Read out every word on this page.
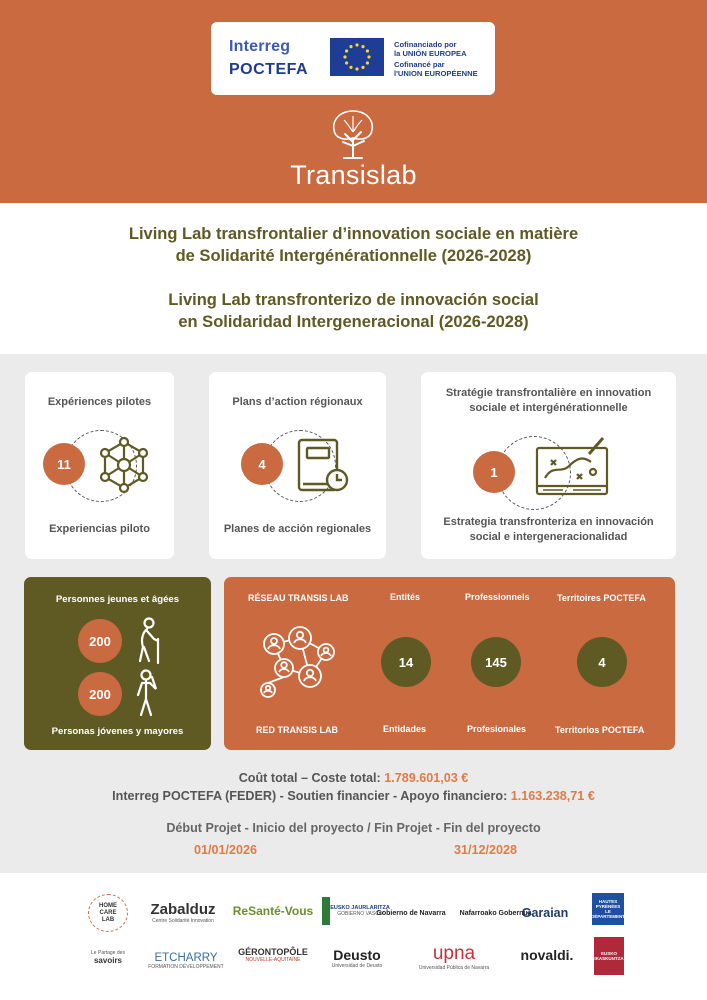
Interreg
POCTEFA
Cofinanciado por
la UNIÓN EUROPEA
Cofinancé par
l'UNION EUROPÉENNE
Transislab
Living Lab transfrontalier d’innovation sociale en matière
de Solidarité Intergénérationnelle (2026-2028)
Living Lab transfronterizo de innovación social
en Solidaridad Intergeneracional (2026-2028)
Expériences pilotes
11
Experiencias piloto
Plans d’action régionaux
4
Planes de acción regionales
Stratégie transfrontalière en innovation
sociale et intergénérationnelle
1
Estrategia transfronteriza en innovación
social e intergeneracionalidad
Personnes jeunes et âgées
200
200
Personas jóvenes y mayores
RÉSEAU TRANSIS LAB
RED TRANSIS LAB
Entités
14
Entidades
Professionnels
145
Profesionales
Territoires POCTEFA
4
Territorios POCTEFA
Coût total – Coste total: 1.789.601,03 €
Interreg POCTEFA (FEDER) - Soutien financier - Apoyo financiero: 1.163.238,71 €
Début Projet - Inicio del proyecto / Fin Projet - Fin del proyecto
01/01/2026	31/12/2028
HOME CARE LAB
Zabalduz
Centre Solidarité Innovation
ReSanté-Vous	EUSKO JAURLARITZA
GOBIERNO VASCO
Gobierno de Navarra Nafarroako Gobernua
Garaian
HAUTES PYRÉNÉES
LE DÉPARTEMENT
Le Partage des
savoirs	ETCHARRY
FORMATION DÉVELOPPEMENT
GÉRONTOPÔLE
NOUVELLE-AQUITAINE Deusto
Universidad de Deusto
upna
Universidad Pública de Navarra
novaldi.	EUSKO IKASKUNTZA
